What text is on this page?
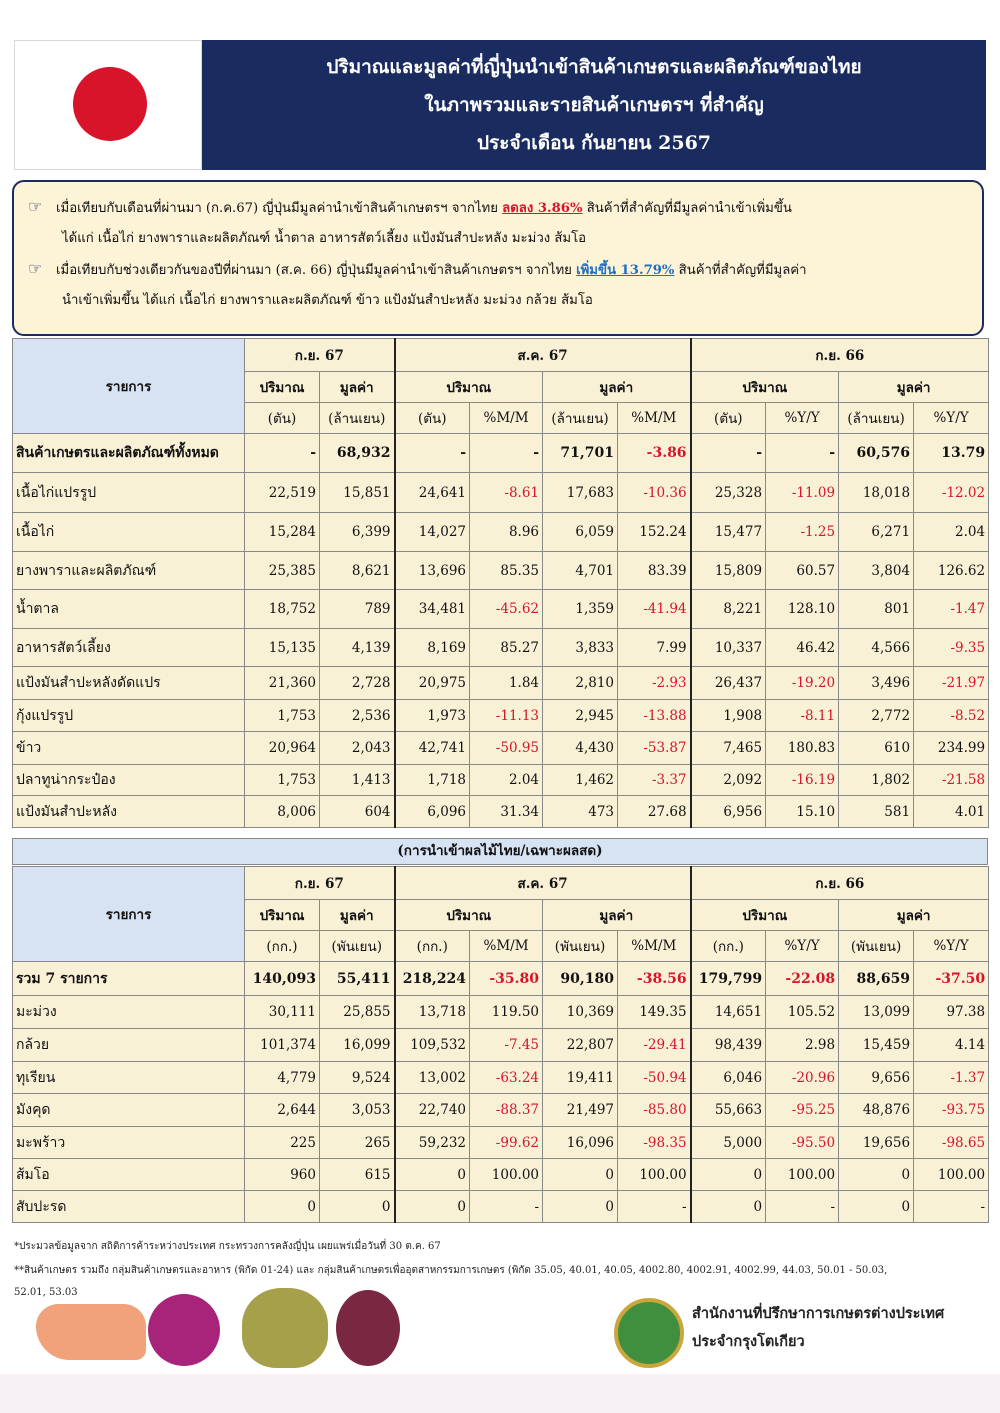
ปริมาณและมูลค่าที่ญี่ปุ่นนำเข้าสินค้าเกษตรและผลิตภัณฑ์ของไทย
ในภาพรวมและรายสินค้าเกษตรฯ ที่สำคัญ
ประจำเดือน กันยายน 2567
☞ เมื่อเทียบกับเดือนที่ผ่านมา (ก.ค.67) ญี่ปุ่นมีมูลค่านำเข้าสินค้าเกษตรฯ จากไทย ลดลง 3.86% สินค้าที่สำคัญที่มีมูลค่านำเข้าเพิ่มขึ้น
ได้แก่ เนื้อไก่ ยางพาราและผลิตภัณฑ์ น้ำตาล อาหารสัตว์เลี้ยง แป้งมันสำปะหลัง มะม่วง ส้มโอ
☞ เมื่อเทียบกับช่วงเดียวกันของปีที่ผ่านมา (ส.ค. 66) ญี่ปุ่นมีมูลค่านำเข้าสินค้าเกษตรฯ จากไทย เพิ่มขึ้น 13.79% สินค้าที่สำคัญที่มีมูลค่า
นำเข้าเพิ่มขึ้น ได้แก่ เนื้อไก่ ยางพาราและผลิตภัณฑ์ ข้าว แป้งมันสำปะหลัง มะม่วง กล้วย ส้มโอ
รายการ	ก.ย. 67		ส.ค. 67				ก.ย. 66			
	ปริมาณ	มูลค่า	ปริมาณ		มูลค่า		ปริมาณ		มูลค่า	
	(ตัน)	(ล้านเยน)	(ตัน)	%M/M	(ล้านเยน)	%M/M	(ตัน)	%Y/Y	(ล้านเยน)	%Y/Y
สินค้าเกษตรและผลิตภัณฑ์ทั้งหมด	-	68,932	-	-	71,701	-3.86	-	-	60,576	13.79
เนื้อไก่แปรรูป	22,519	15,851	24,641	-8.61	17,683	-10.36	25,328	-11.09	18,018	-12.02
เนื้อไก่	15,284	6,399	14,027	8.96	6,059	152.24	15,477	-1.25	6,271	2.04
ยางพาราและผลิตภัณฑ์	25,385	8,621	13,696	85.35	4,701	83.39	15,809	60.57	3,804	126.62
น้ำตาล	18,752	789	34,481	-45.62	1,359	-41.94	8,221	128.10	801	-1.47
อาหารสัตว์เลี้ยง	15,135	4,139	8,169	85.27	3,833	7.99	10,337	46.42	4,566	-9.35
แป้งมันสำปะหลังดัดแปร	21,360	2,728	20,975	1.84	2,810	-2.93	26,437	-19.20	3,496	-21.97
กุ้งแปรรูป	1,753	2,536	1,973	-11.13	2,945	-13.88	1,908	-8.11	2,772	-8.52
ข้าว	20,964	2,043	42,741	-50.95	4,430	-53.87	7,465	180.83	610	234.99
ปลาทูน่ากระป๋อง	1,753	1,413	1,718	2.04	1,462	-3.37	2,092	-16.19	1,802	-21.58
แป้งมันสำปะหลัง	8,006	604	6,096	31.34	473	27.68	6,956	15.10	581	4.01
(การนำเข้าผลไม้ไทย/เฉพาะผลสด)
รายการ	ก.ย. 67		ส.ค. 67				ก.ย. 66			
	ปริมาณ	มูลค่า	ปริมาณ		มูลค่า		ปริมาณ		มูลค่า	
	(กก.)	(พันเยน)	(กก.)	%M/M	(พันเยน)	%M/M	(กก.)	%Y/Y	(พันเยน)	%Y/Y
รวม 7 รายการ	140,093	55,411	218,224	-35.80	90,180	-38.56	179,799	-22.08	88,659	-37.50
มะม่วง	30,111	25,855	13,718	119.50	10,369	149.35	14,651	105.52	13,099	97.38
กล้วย	101,374	16,099	109,532	-7.45	22,807	-29.41	98,439	2.98	15,459	4.14
ทุเรียน	4,779	9,524	13,002	-63.24	19,411	-50.94	6,046	-20.96	9,656	-1.37
มังคุด	2,644	3,053	22,740	-88.37	21,497	-85.80	55,663	-95.25	48,876	-93.75
มะพร้าว	225	265	59,232	-99.62	16,096	-98.35	5,000	-95.50	19,656	-98.65
ส้มโอ	960	615	0	100.00	0	100.00	0	100.00	0	100.00
สับปะรด	0	0	0	-	0	-	0	-	0	-
*ประมวลข้อมูลจาก สถิติการค้าระหว่างประเทศ กระทรวงการคลังญี่ปุ่น เผยแพร่เมื่อวันที่ 30 ต.ค. 67
**สินค้าเกษตร รวมถึง กลุ่มสินค้าเกษตรและอาหาร (พิกัด 01-24) และ กลุ่มสินค้าเกษตรเพื่ออุตสาหกรรมการเกษตร (พิกัด 35.05, 40.01, 40.05, 4002.80, 4002.91, 4002.99, 44.03, 50.01 - 50.03,
52.01, 53.03
สำนักงานที่ปรึกษาการเกษตรต่างประเทศ
ประจำกรุงโตเกียว
